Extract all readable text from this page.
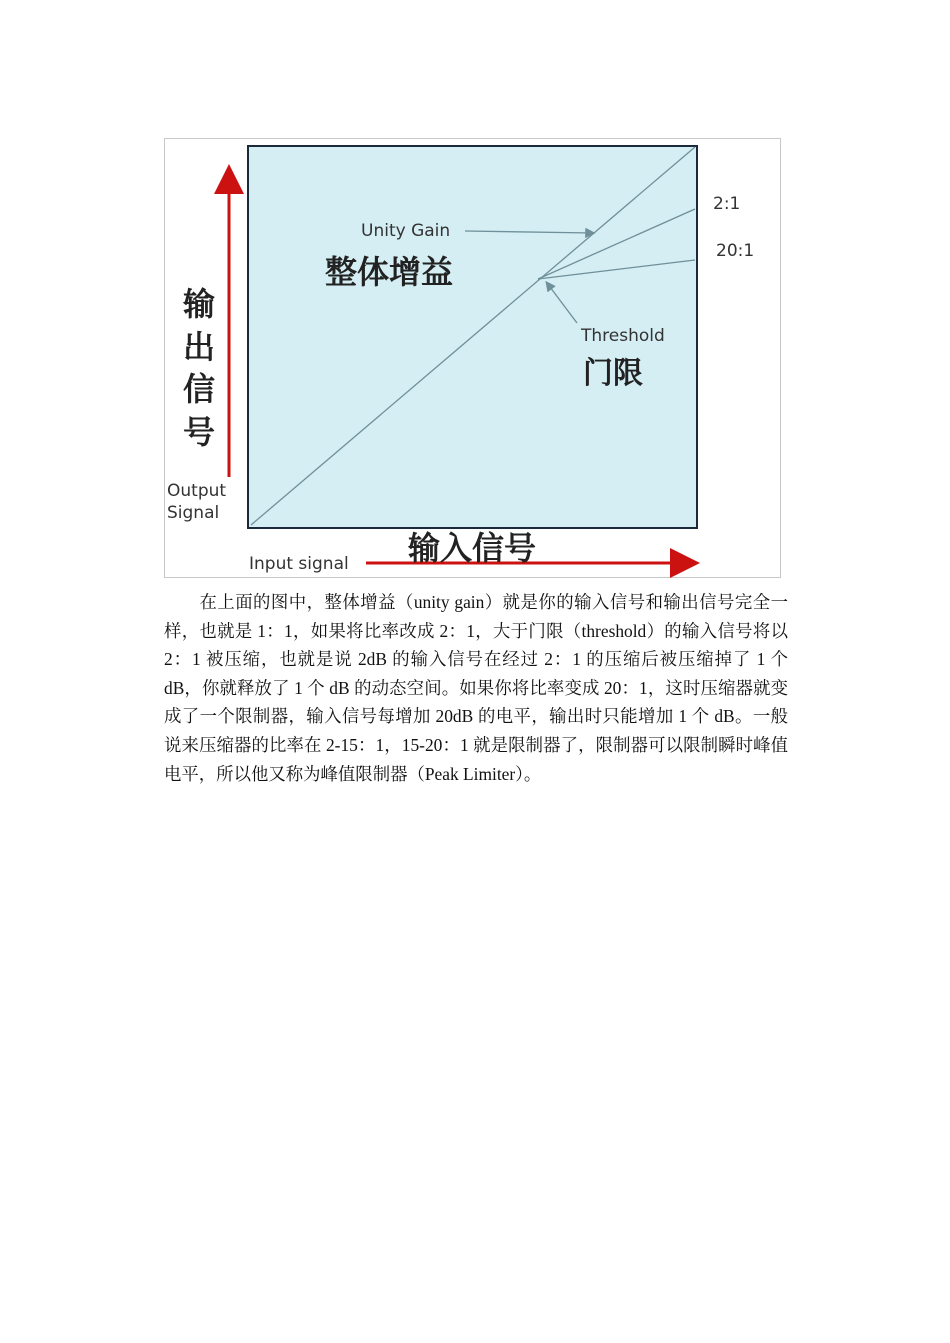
Unity Gain
整体增益
2:1
20:1
Threshold
门限
输
出
信
号
Output
Signal
Input signal 输入信号

在上面的图中，整体增益（unity gain）就是你的输入信号和输出信号完全一样，也就是 1：1，如果将比率改成 2：1，大于门限（threshold）的输入信号将以 2：1 被压缩，也就是说 2dB 的输入信号在经过 2：1 的压缩后被压缩掉了 1 个 dB，你就释放了 1 个 dB 的动态空间。如果你将比率变成 20：1，这时压缩器就变成了一个限制器，输入信号每增加 20dB 的电平，输出时只能增加 1 个 dB。一般说来压缩器的比率在 2-15：1，15-20：1 就是限制器了，限制器可以限制瞬时峰值电平，所以他又称为峰值限制器（Peak Limiter）。
